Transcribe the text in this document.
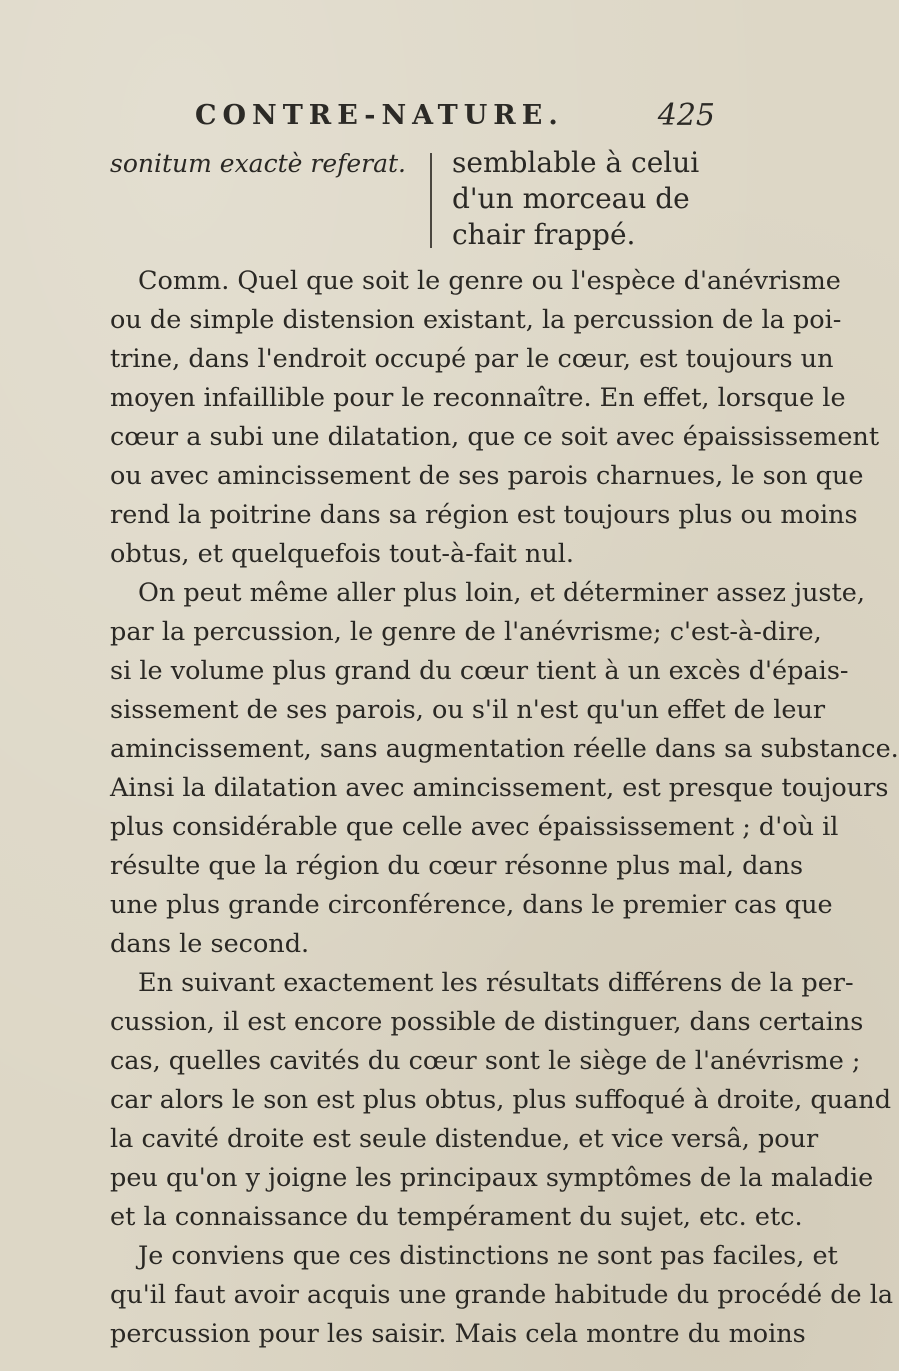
CONTRE-NATURE.	425
sonitum exactè referat. semblable à celui d'un morceau de chair frappé.

Comm. Quel que soit le genre ou l'espèce d'anévrisme
ou de simple distension existant, la percussion de la poi-
trine, dans l'endroit occupé par le cœur, est toujours un
moyen infaillible pour le reconnaître. En effet, lorsque le
cœur a subi une dilatation, que ce soit avec épaississement
ou avec amincissement de ses parois charnues, le son que
rend la poitrine dans sa région est toujours plus ou moins
obtus, et quelquefois tout-à-fait nul.

On peut même aller plus loin, et déterminer assez juste,
par la percussion, le genre de l'anévrisme; c'est-à-dire,
si le volume plus grand du cœur tient à un excès d'épais-
sissement de ses parois, ou s'il n'est qu'un effet de leur
amincissement, sans augmentation réelle dans sa substance.
Ainsi la dilatation avec amincissement, est presque toujours
plus considérable que celle avec épaississement ; d'où il
résulte que la région du cœur résonne plus mal, dans
une plus grande circonférence, dans le premier cas que
dans le second.

En suivant exactement les résultats différens de la per-
cussion, il est encore possible de distinguer, dans certains
cas, quelles cavités du cœur sont le siège de l'anévrisme ;
car alors le son est plus obtus, plus suffoqué à droite, quand
la cavité droite est seule distendue, et vice versâ, pour
peu qu'on y joigne les principaux symptômes de la maladie
et la connaissance du tempérament du sujet, etc. etc.

Je conviens que ces distinctions ne sont pas faciles, et
qu'il faut avoir acquis une grande habitude du procédé de la
percussion pour les saisir. Mais cela montre du moins
